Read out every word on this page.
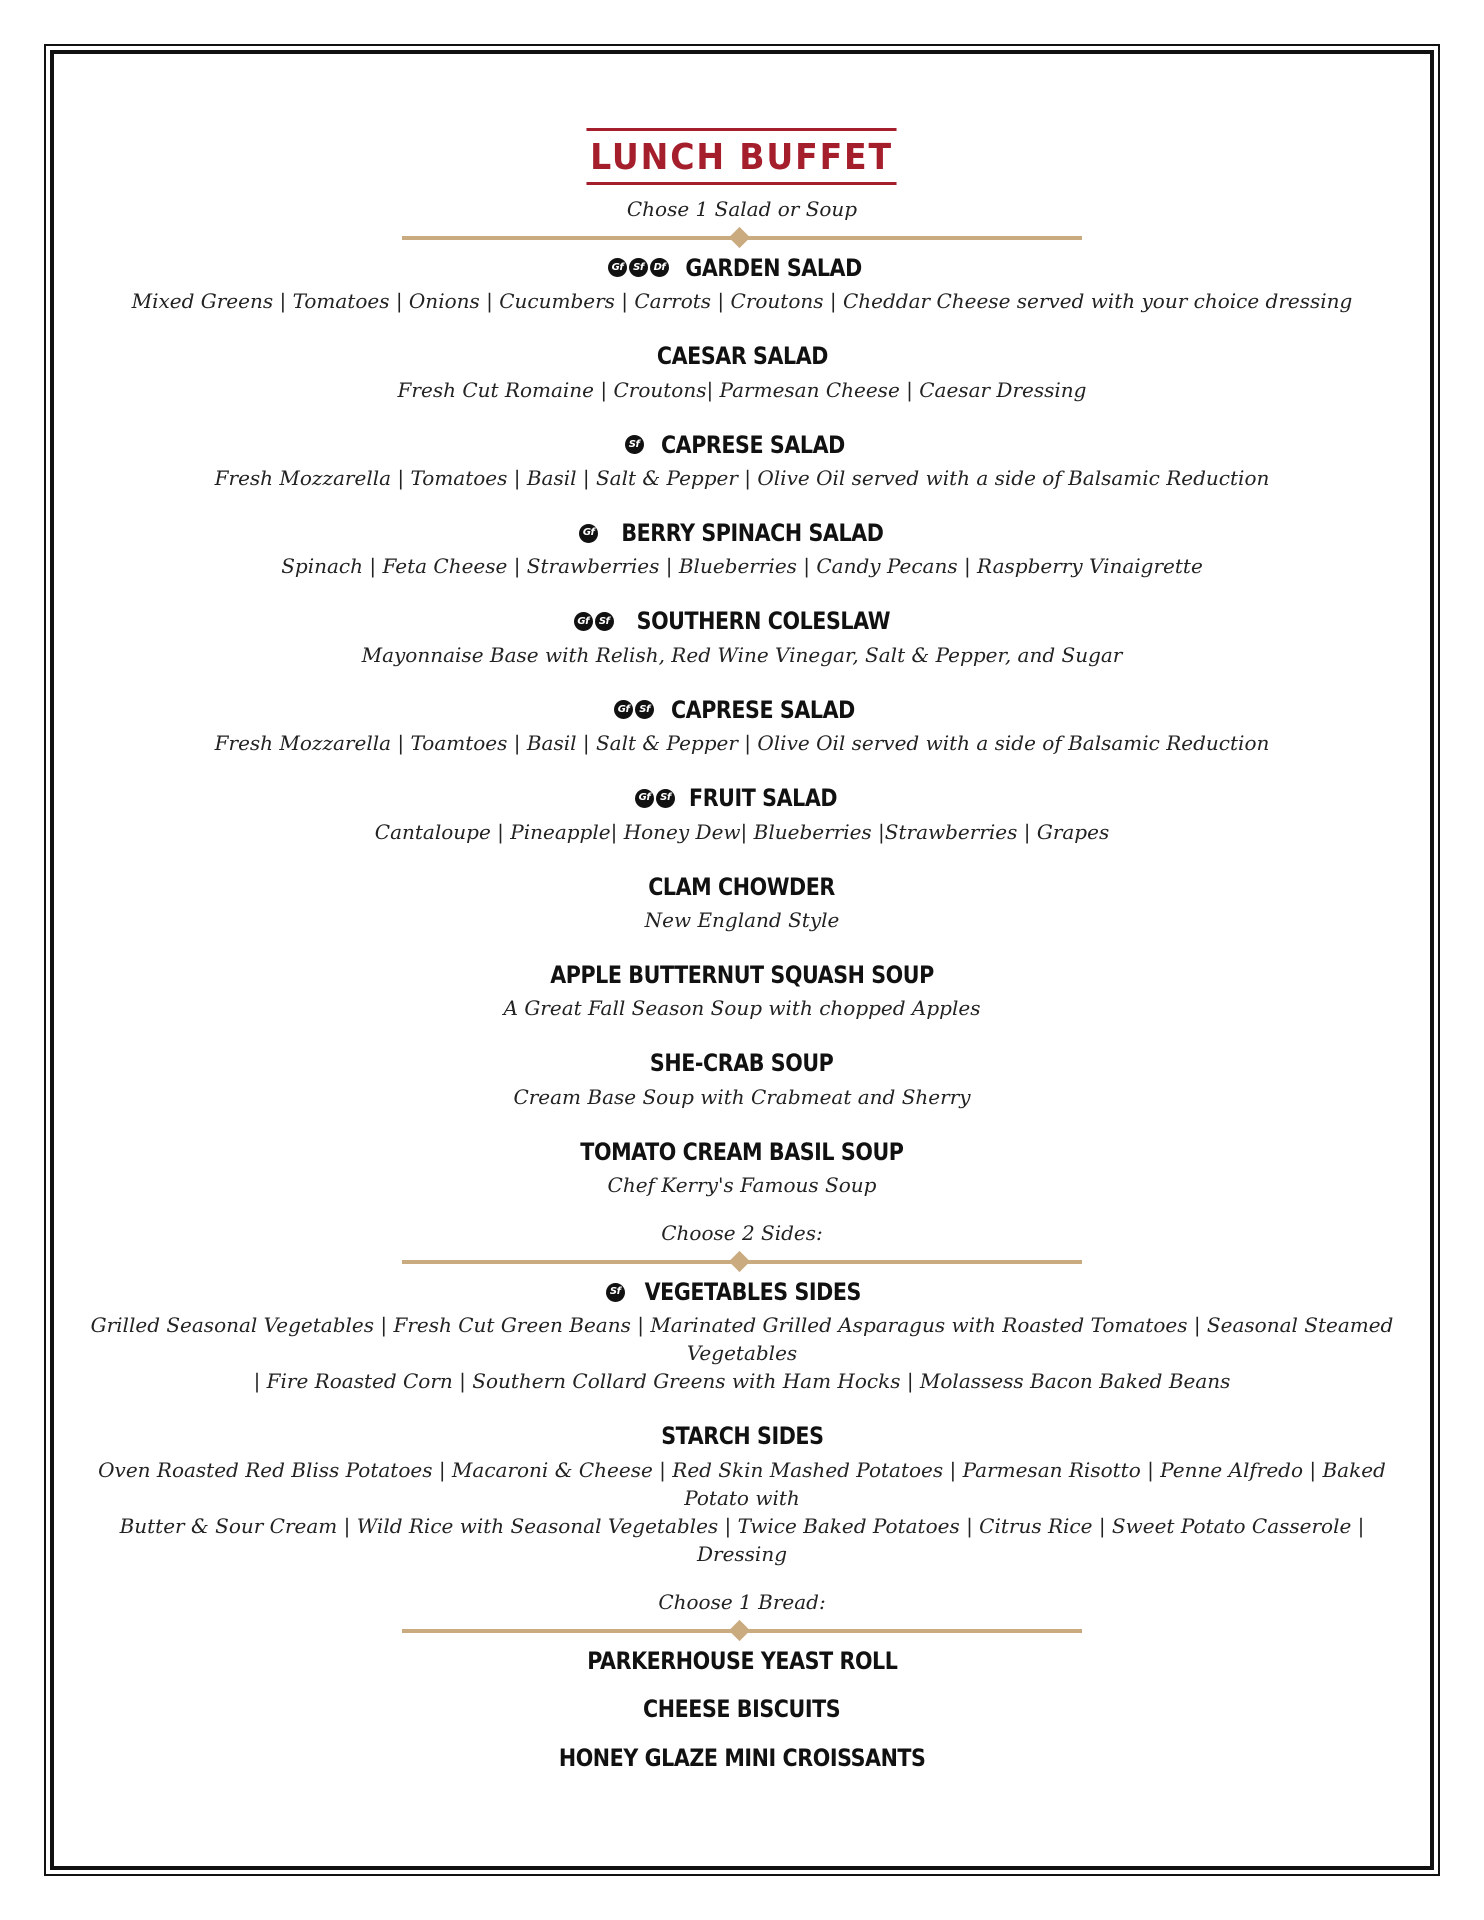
LUNCH BUFFET
Chose 1 Salad or Soup
Gf Sf Df GARDEN SALAD
Mixed Greens | Tomatoes | Onions | Cucumbers | Carrots | Croutons | Cheddar Cheese served with your choice dressing
CAESAR SALAD
Fresh Cut Romaine | Croutons| Parmesan Cheese | Caesar Dressing
Sf CAPRESE SALAD
Fresh Mozzarella | Tomatoes | Basil | Salt & Pepper | Olive Oil served with a side of Balsamic Reduction
Gf BERRY SPINACH SALAD
Spinach | Feta Cheese | Strawberries | Blueberries | Candy Pecans | Raspberry Vinaigrette
Gf Sf SOUTHERN COLESLAW
Mayonnaise Base with Relish, Red Wine Vinegar, Salt & Pepper, and Sugar
Gf Sf CAPRESE SALAD
Fresh Mozzarella | Toamtoes | Basil | Salt & Pepper | Olive Oil served with a side of Balsamic Reduction
Gf Sf FRUIT SALAD
Cantaloupe | Pineapple| Honey Dew| Blueberries |Strawberries | Grapes
CLAM CHOWDER
New England Style
APPLE BUTTERNUT SQUASH SOUP
A Great Fall Season Soup with chopped Apples
SHE-CRAB SOUP
Cream Base Soup with Crabmeat and Sherry
TOMATO CREAM BASIL SOUP
Chef Kerry's Famous Soup
Choose 2 Sides:
Sf VEGETABLES SIDES
Grilled Seasonal Vegetables | Fresh Cut Green Beans | Marinated Grilled Asparagus with Roasted Tomatoes | Seasonal Steamed Vegetables
| Fire Roasted Corn | Southern Collard Greens with Ham Hocks | Molassess Bacon Baked Beans
STARCH SIDES
Oven Roasted Red Bliss Potatoes | Macaroni & Cheese | Red Skin Mashed Potatoes | Parmesan Risotto | Penne Alfredo | Baked Potato with
Butter & Sour Cream | Wild Rice with Seasonal Vegetables | Twice Baked Potatoes | Citrus Rice | Sweet Potato Casserole | Dressing
Choose 1 Bread:
PARKERHOUSE YEAST ROLL
CHEESE BISCUITS
HONEY GLAZE MINI CROISSANTS
